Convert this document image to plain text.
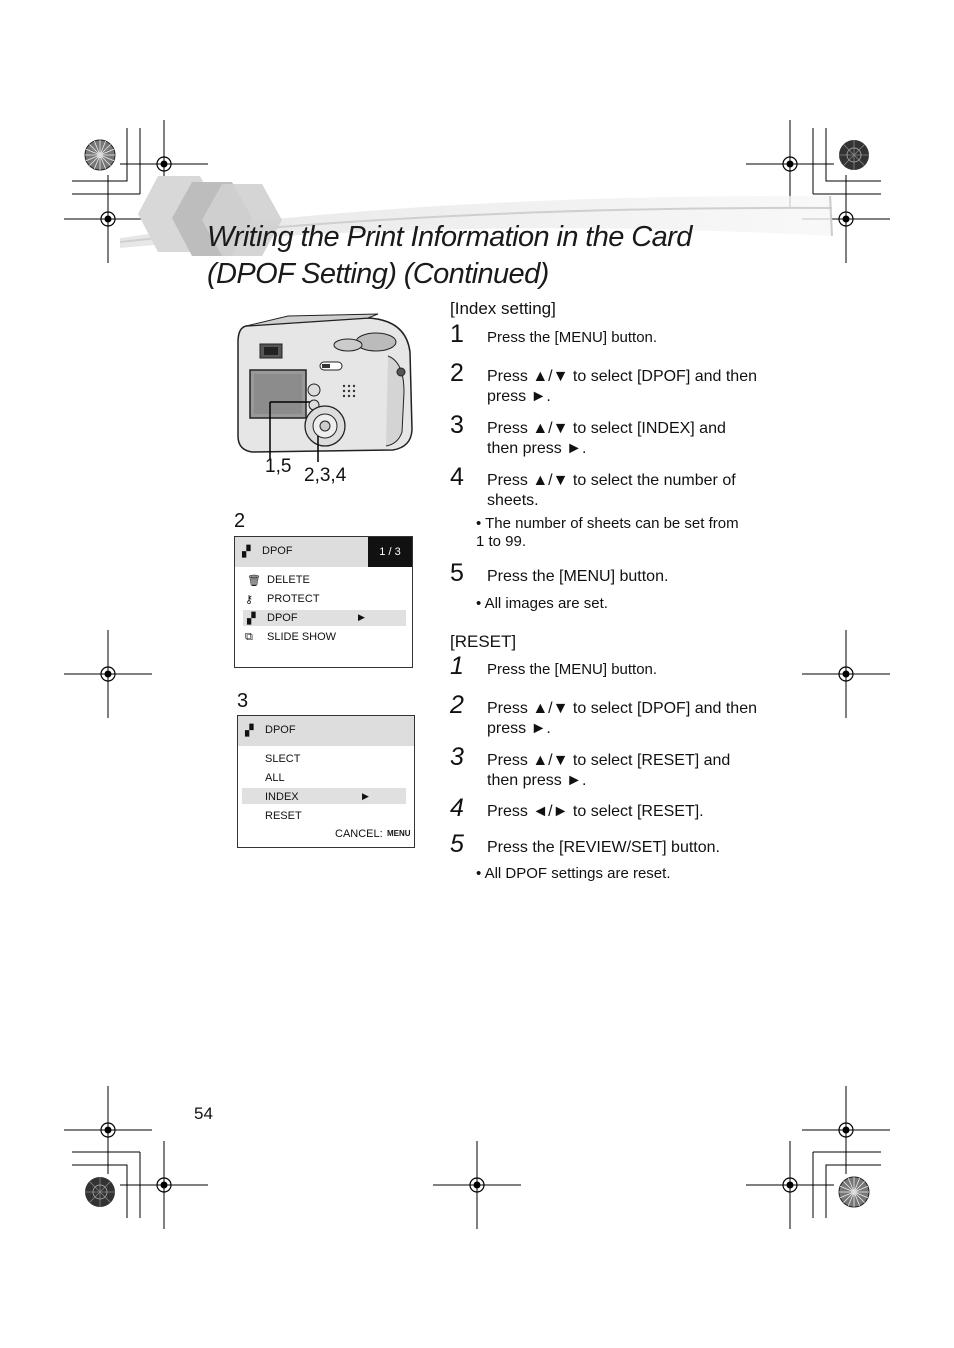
Writing the Print Information in the Card
(DPOF Setting) (Continued)
1,5 2,3,4
2
▞ DPOF	1 / 3
🗑 DELETE
⚷ PROTECT
▞ DPOF	▶
⧉ SLIDE SHOW
3
▞ DPOF
SLECT
ALL
INDEX	▶
RESET
CANCEL: MENU
[Index setting]
1 Press the [MENU] button.
2 Press ▲/▼ to select [DPOF] and then press ►.
3 Press ▲/▼ to select [INDEX] and then press ►.
4 Press ▲/▼ to select the number of sheets.
• The number of sheets can be set from 1 to 99.
5 Press the [MENU] button.
• All images are set.
[RESET]
1 Press the [MENU] button.
2 Press ▲/▼ to select [DPOF] and then press ►.
3 Press ▲/▼ to select [RESET] and then press ►.
4 Press ◄/► to select [RESET].
5 Press the [REVIEW/SET] button.
• All DPOF settings are reset.
54
